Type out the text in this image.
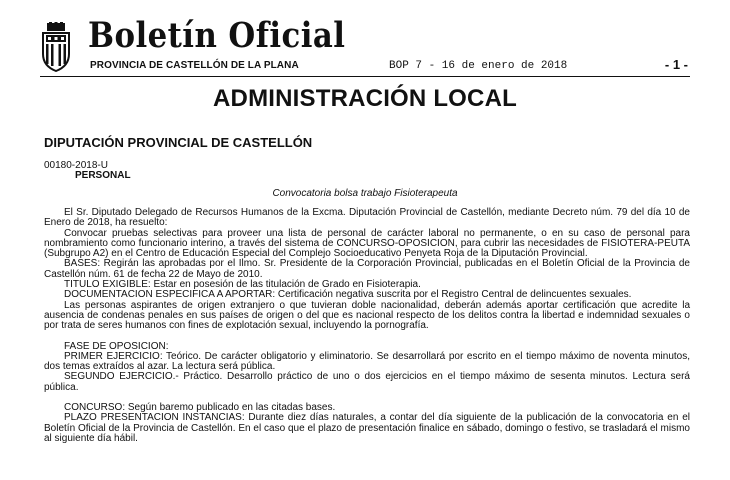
Boletín Oficial
PROVINCIA DE CASTELLÓN DE LA PLANA	BOP 7 - 16 de enero de 2018	- 1 -
ADMINISTRACIÓN LOCAL
DIPUTACIÓN PROVINCIAL DE CASTELLÓN
00180-2018-U
PERSONAL
Convocatoria bolsa trabajo Fisioterapeuta

El Sr. Diputado Delegado de Recursos Humanos de la Excma. Diputación Provincial de Castellón, mediante Decreto núm. 79 del día 10 de Enero de 2018, ha resuelto:

Convocar pruebas selectivas para proveer una lista de personal de carácter laboral no permanente, o en su caso de personal para nombramiento como funcionario interino, a través del sistema de CONCURSO-OPOSICION, para cubrir las necesidades de FISIOTERA-PEUTA (Subgrupo A2) en el Centro de Educación Especial del Complejo Socioeducativo Penyeta Roja de la Diputación Provincial.

BASES: Regirán las aprobadas por el Ilmo. Sr. Presidente de la Corporación Provincial, publicadas en el Boletín Oficial de la Provincia de Castellón núm. 61 de fecha 22 de Mayo de 2010.

TITULO EXIGIBLE: Estar en posesión de las titulación de Grado en Fisioterapia.

DOCUMENTACION ESPECIFICA A APORTAR: Certificación negativa suscrita por el Registro Central de delincuentes sexuales.

Las personas aspirantes de origen extranjero o que tuvieran doble nacionalidad, deberán además aportar certificación que acredite la ausencia de condenas penales en sus países de origen o del que es nacional respecto de los delitos contra la libertad e indemnidad sexuales o por trata de seres humanos con fines de explotación sexual, incluyendo la pornografía.

FASE DE OPOSICION:

PRIMER EJERCICIO: Teórico. De carácter obligatorio y eliminatorio. Se desarrollará por escrito en el tiempo máximo de noventa minutos, dos temas extraídos al azar. La lectura será pública.

SEGUNDO EJERCICIO.- Práctico. Desarrollo práctico de uno o dos ejercicios en el tiempo máximo de sesenta minutos. Lectura será pública.

CONCURSO: Según baremo publicado en las citadas bases.

PLAZO PRESENTACION INSTANCIAS: Durante diez días naturales, a contar del día siguiente de la publicación de la convocatoria en el Boletín Oficial de la Provincia de Castellón. En el caso que el plazo de presentación finalice en sábado, domingo o festivo, se trasladará el mismo al siguiente día hábil.
